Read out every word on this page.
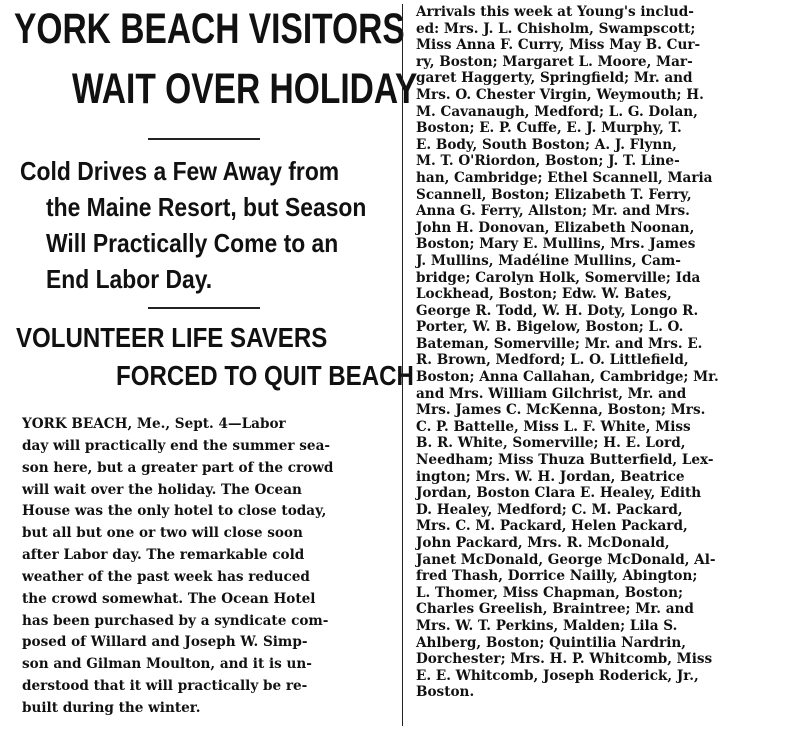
YORK BEACH VISITORS
WAIT OVER HOLIDAY
Cold Drives a Few Away from
the Maine Resort, but Season
Will Practically Come to an
End Labor Day.
VOLUNTEER LIFE SAVERS
FORCED TO QUIT BEACH
YORK BEACH, Me., Sept. 4—Labor
day will practically end the summer sea-
son here, but a greater part of the crowd
will wait over the holiday. The Ocean
House was the only hotel to close today,
but all but one or two will close soon
after Labor day. The remarkable cold
weather of the past week has reduced
the crowd somewhat. The Ocean Hotel
has been purchased by a syndicate com-
posed of Willard and Joseph W. Simp-
son and Gilman Moulton, and it is un-
derstood that it will practically be re-
built during the winter.
Arrivals this week at Young's includ-
ed: Mrs. J. L. Chisholm, Swampscott;
Miss Anna F. Curry, Miss May B. Cur-
ry, Boston; Margaret L. Moore, Mar-
garet Haggerty, Springfield; Mr. and
Mrs. O. Chester Virgin, Weymouth; H.
M. Cavanaugh, Medford; L. G. Dolan,
Boston; E. P. Cuffe, E. J. Murphy, T.
E. Body, South Boston; A. J. Flynn,
M. T. O'Riordon, Boston; J. T. Line-
han, Cambridge; Ethel Scannell, Maria
Scannell, Boston; Elizabeth T. Ferry,
Anna G. Ferry, Allston; Mr. and Mrs.
John H. Donovan, Elizabeth Noonan,
Boston; Mary E. Mullins, Mrs. James
J. Mullins, Madéline Mullins, Cam-
bridge; Carolyn Holk, Somerville; Ida
Lockhead, Boston; Edw. W. Bates,
George R. Todd, W. H. Doty, Longo R.
Porter, W. B. Bigelow, Boston; L. O.
Bateman, Somerville; Mr. and Mrs. E.
R. Brown, Medford; L. O. Littlefield,
Boston; Anna Callahan, Cambridge; Mr.
and Mrs. William Gilchrist, Mr. and
Mrs. James C. McKenna, Boston; Mrs.
C. P. Battelle, Miss L. F. White, Miss
B. R. White, Somerville; H. E. Lord,
Needham; Miss Thuza Butterfield, Lex-
ington; Mrs. W. H. Jordan, Beatrice
Jordan, Boston Clara E. Healey, Edith
D. Healey, Medford; C. M. Packard,
Mrs. C. M. Packard, Helen Packard,
John Packard, Mrs. R. McDonald,
Janet McDonald, George McDonald, Al-
fred Thash, Dorrice Nailly, Abington;
L. Thomer, Miss Chapman, Boston;
Charles Greelish, Braintree; Mr. and
Mrs. W. T. Perkins, Malden; Lila S.
Ahlberg, Boston; Quintilia Nardrin,
Dorchester; Mrs. H. P. Whitcomb, Miss
E. E. Whitcomb, Joseph Roderick, Jr.,
Boston.
